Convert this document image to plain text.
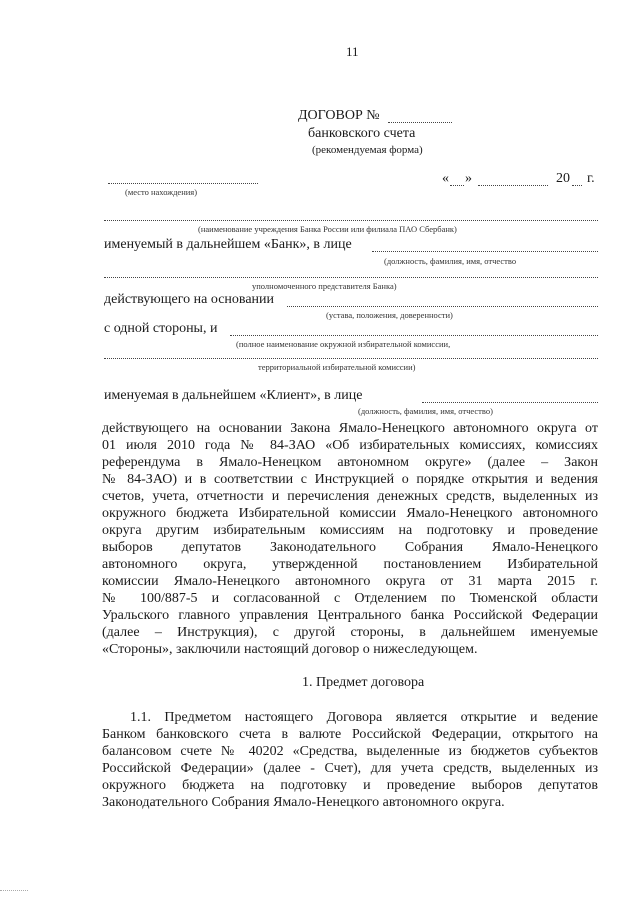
11
ДОГОВОР №
банковского счета
(рекомендуемая форма)
(место нахождения)
« »	20 г.
(наименование учреждения Банка России или филиала ПАО Сбербанк)
именуемый в дальнейшем «Банк», в лице
(должность, фамилия, имя, отчество
уполномоченного представителя Банка)
действующего на основании
(устава, положения, доверенности)
с одной стороны, и
(полное наименование окружной избирательной комиссии,
территориальной избирательной комиссии)
именуемая в дальнейшем «Клиент», в лице
(должность, фамилия, имя, отчество)
действующего на основании Закона Ямало-Ненецкого автономного округа от
01 июля 2010 года № 84-ЗАО «Об избирательных комиссиях, комиссиях
референдума в Ямало-Ненецком автономном округе» (далее – Закон
№ 84-ЗАО) и в соответствии с Инструкцией о порядке открытия и ведения
счетов, учета, отчетности и перечисления денежных средств, выделенных из
окружного бюджета Избирательной комиссии Ямало-Ненецкого автономного
округа другим избирательным комиссиям на подготовку и проведение
выборов депутатов Законодательного Собрания Ямало-Ненецкого
автономного округа, утвержденной постановлением Избирательной
комиссии Ямало-Ненецкого автономного округа от 31 марта 2015 г.
№ 100/887-5 и согласованной с Отделением по Тюменской области
Уральского главного управления Центрального банка Российской Федерации
(далее – Инструкция), с другой стороны, в дальнейшем именуемые
«Стороны», заключили настоящий договор о нижеследующем.
1. Предмет договора
1.1. Предметом настоящего Договора является открытие и ведение
Банком банковского счета в валюте Российской Федерации, открытого на
балансовом счете № 40202 «Средства, выделенные из бюджетов субъектов
Российской Федерации» (далее - Счет), для учета средств, выделенных из
окружного бюджета на подготовку и проведение выборов депутатов
Законодательного Собрания Ямало-Ненецкого автономного округа.
